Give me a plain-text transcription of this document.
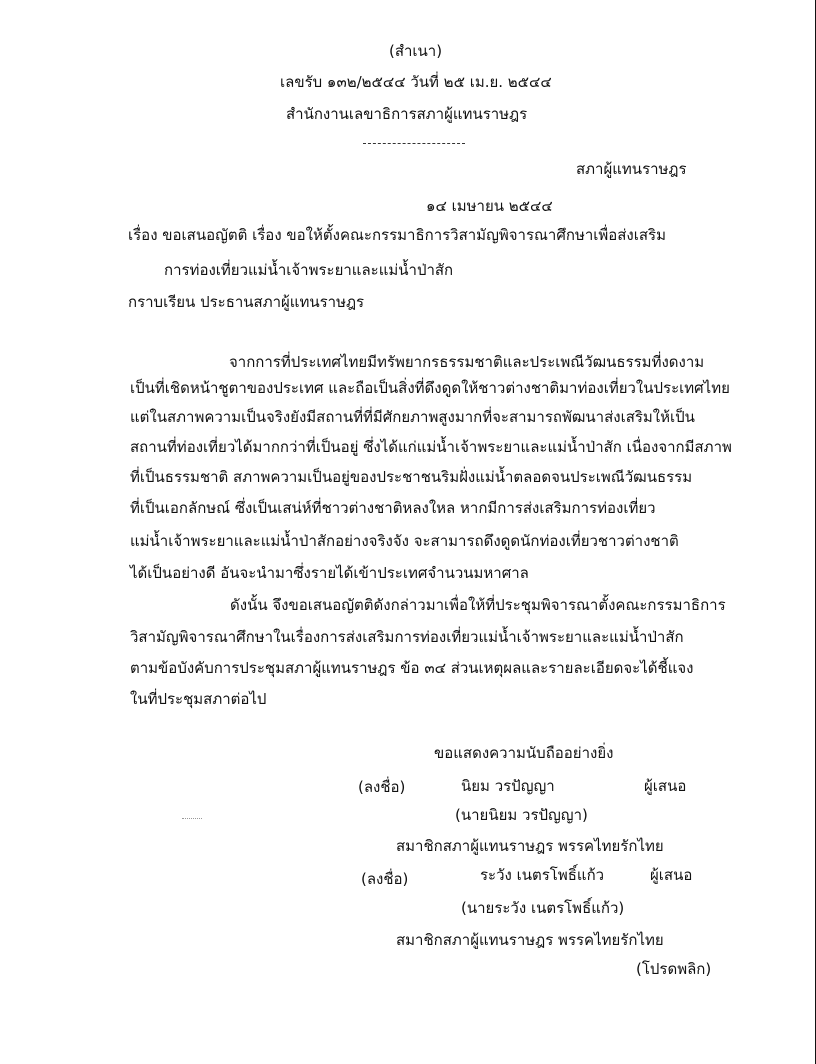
(สำเนา)
เลขรับ ๑๓๒/๒๕๔๔ วันที่ ๒๕ เม.ย. ๒๕๔๔
สำนักงานเลขาธิการสภาผู้แทนราษฎร
สภาผู้แทนราษฎร
๑๔ เมษายน ๒๕๔๔
เรื่อง ขอเสนอญัตติ เรื่อง ขอให้ตั้งคณะกรรมาธิการวิสามัญพิจารณาศึกษาเพื่อส่งเสริม
การท่องเที่ยวแม่น้ำเจ้าพระยาและแม่น้ำป่าสัก
กราบเรียน ประธานสภาผู้แทนราษฎร
จากการที่ประเทศไทยมีทรัพยากรธรรมชาติและประเพณีวัฒนธรรมที่งดงาม
เป็นที่เชิดหน้าชูตาของประเทศ และถือเป็นสิ่งที่ดึงดูดให้ชาวต่างชาติมาท่องเที่ยวในประเทศไทย
แต่ในสภาพความเป็นจริงยังมีสถานที่ที่มีศักยภาพสูงมากที่จะสามารถพัฒนาส่งเสริมให้เป็น
สถานที่ท่องเที่ยวได้มากกว่าที่เป็นอยู่ ซึ่งได้แก่แม่น้ำเจ้าพระยาและแม่น้ำป่าสัก เนื่องจากมีสภาพ
ที่เป็นธรรมชาติ สภาพความเป็นอยู่ของประชาชนริมฝั่งแม่น้ำตลอดจนประเพณีวัฒนธรรม
ที่เป็นเอกลักษณ์ ซึ่งเป็นเสน่ห์ที่ชาวต่างชาติหลงใหล หากมีการส่งเสริมการท่องเที่ยว
แม่น้ำเจ้าพระยาและแม่น้ำป่าสักอย่างจริงจัง จะสามารถดึงดูดนักท่องเที่ยวชาวต่างชาติ
ได้เป็นอย่างดี อันจะนำมาซึ่งรายได้เข้าประเทศจำนวนมหาศาล
ดังนั้น จึงขอเสนอญัตติดังกล่าวมาเพื่อให้ที่ประชุมพิจารณาตั้งคณะกรรมาธิการ
วิสามัญพิจารณาศึกษาในเรื่องการส่งเสริมการท่องเที่ยวแม่น้ำเจ้าพระยาและแม่น้ำป่าสัก
ตามข้อบังคับการประชุมสภาผู้แทนราษฎร ข้อ ๓๔ ส่วนเหตุผลและรายละเอียดจะได้ชี้แจง
ในที่ประชุมสภาต่อไป
ขอแสดงความนับถืออย่างยิ่ง
(ลงชื่อ)	นิยม วรปัญญา	ผู้เสนอ
(นายนิยม วรปัญญา)
สมาชิกสภาผู้แทนราษฎร พรรคไทยรักไทย
(ลงชื่อ)	ระวัง เนตรโพธิ์แก้ว	ผู้เสนอ
(นายระวัง เนตรโพธิ์แก้ว)
สมาชิกสภาผู้แทนราษฎร พรรคไทยรักไทย
(โปรดพลิก)
